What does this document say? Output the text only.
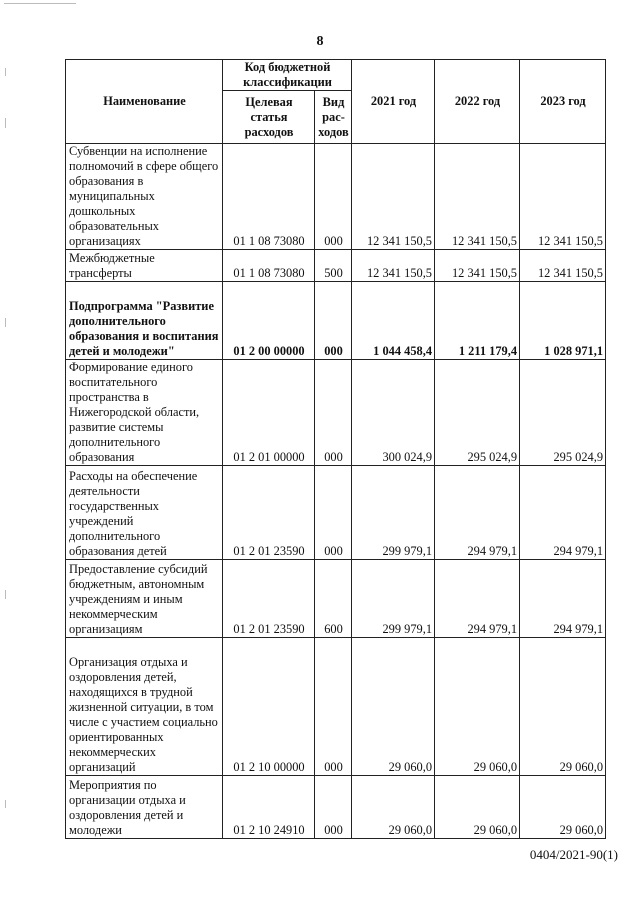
8
Наименование	Код бюджетной классификации		2021 год	2022 год	2023 год
	Целевая статья расходов	Вид рас-ходов			
Субвенции на исполнение полномочий в сфере общего образования в муниципальных дошкольных образовательных организациях	01 1 08 73080	000	12 341 150,5	12 341 150,5	12 341 150,5
Межбюджетные трансферты	01 1 08 73080	500	12 341 150,5	12 341 150,5	12 341 150,5
Подпрограмма "Развитие дополнительного образования и воспитания детей и молодежи"	01 2 00 00000	000	1 044 458,4	1 211 179,4	1 028 971,1
Формирование единого воспитательного пространства в Нижегородской области, развитие системы дополнительного образования	01 2 01 00000	000	300 024,9	295 024,9	295 024,9
Расходы на обеспечение деятельности государственных учреждений дополнительного образования детей	01 2 01 23590	000	299 979,1	294 979,1	294 979,1
Предоставление субсидий бюджетным, автономным учреждениям и иным некоммерческим организациям	01 2 01 23590	600	299 979,1	294 979,1	294 979,1
Организация отдыха и оздоровления детей, находящихся в трудной жизненной ситуации, в том числе с участием социально ориентированных некоммерческих организаций	01 2 10 00000	000	29 060,0	29 060,0	29 060,0
Мероприятия по организации отдыха и оздоровления детей и молодежи	01 2 10 24910	000	29 060,0	29 060,0	29 060,0
0404/2021-90(1)
